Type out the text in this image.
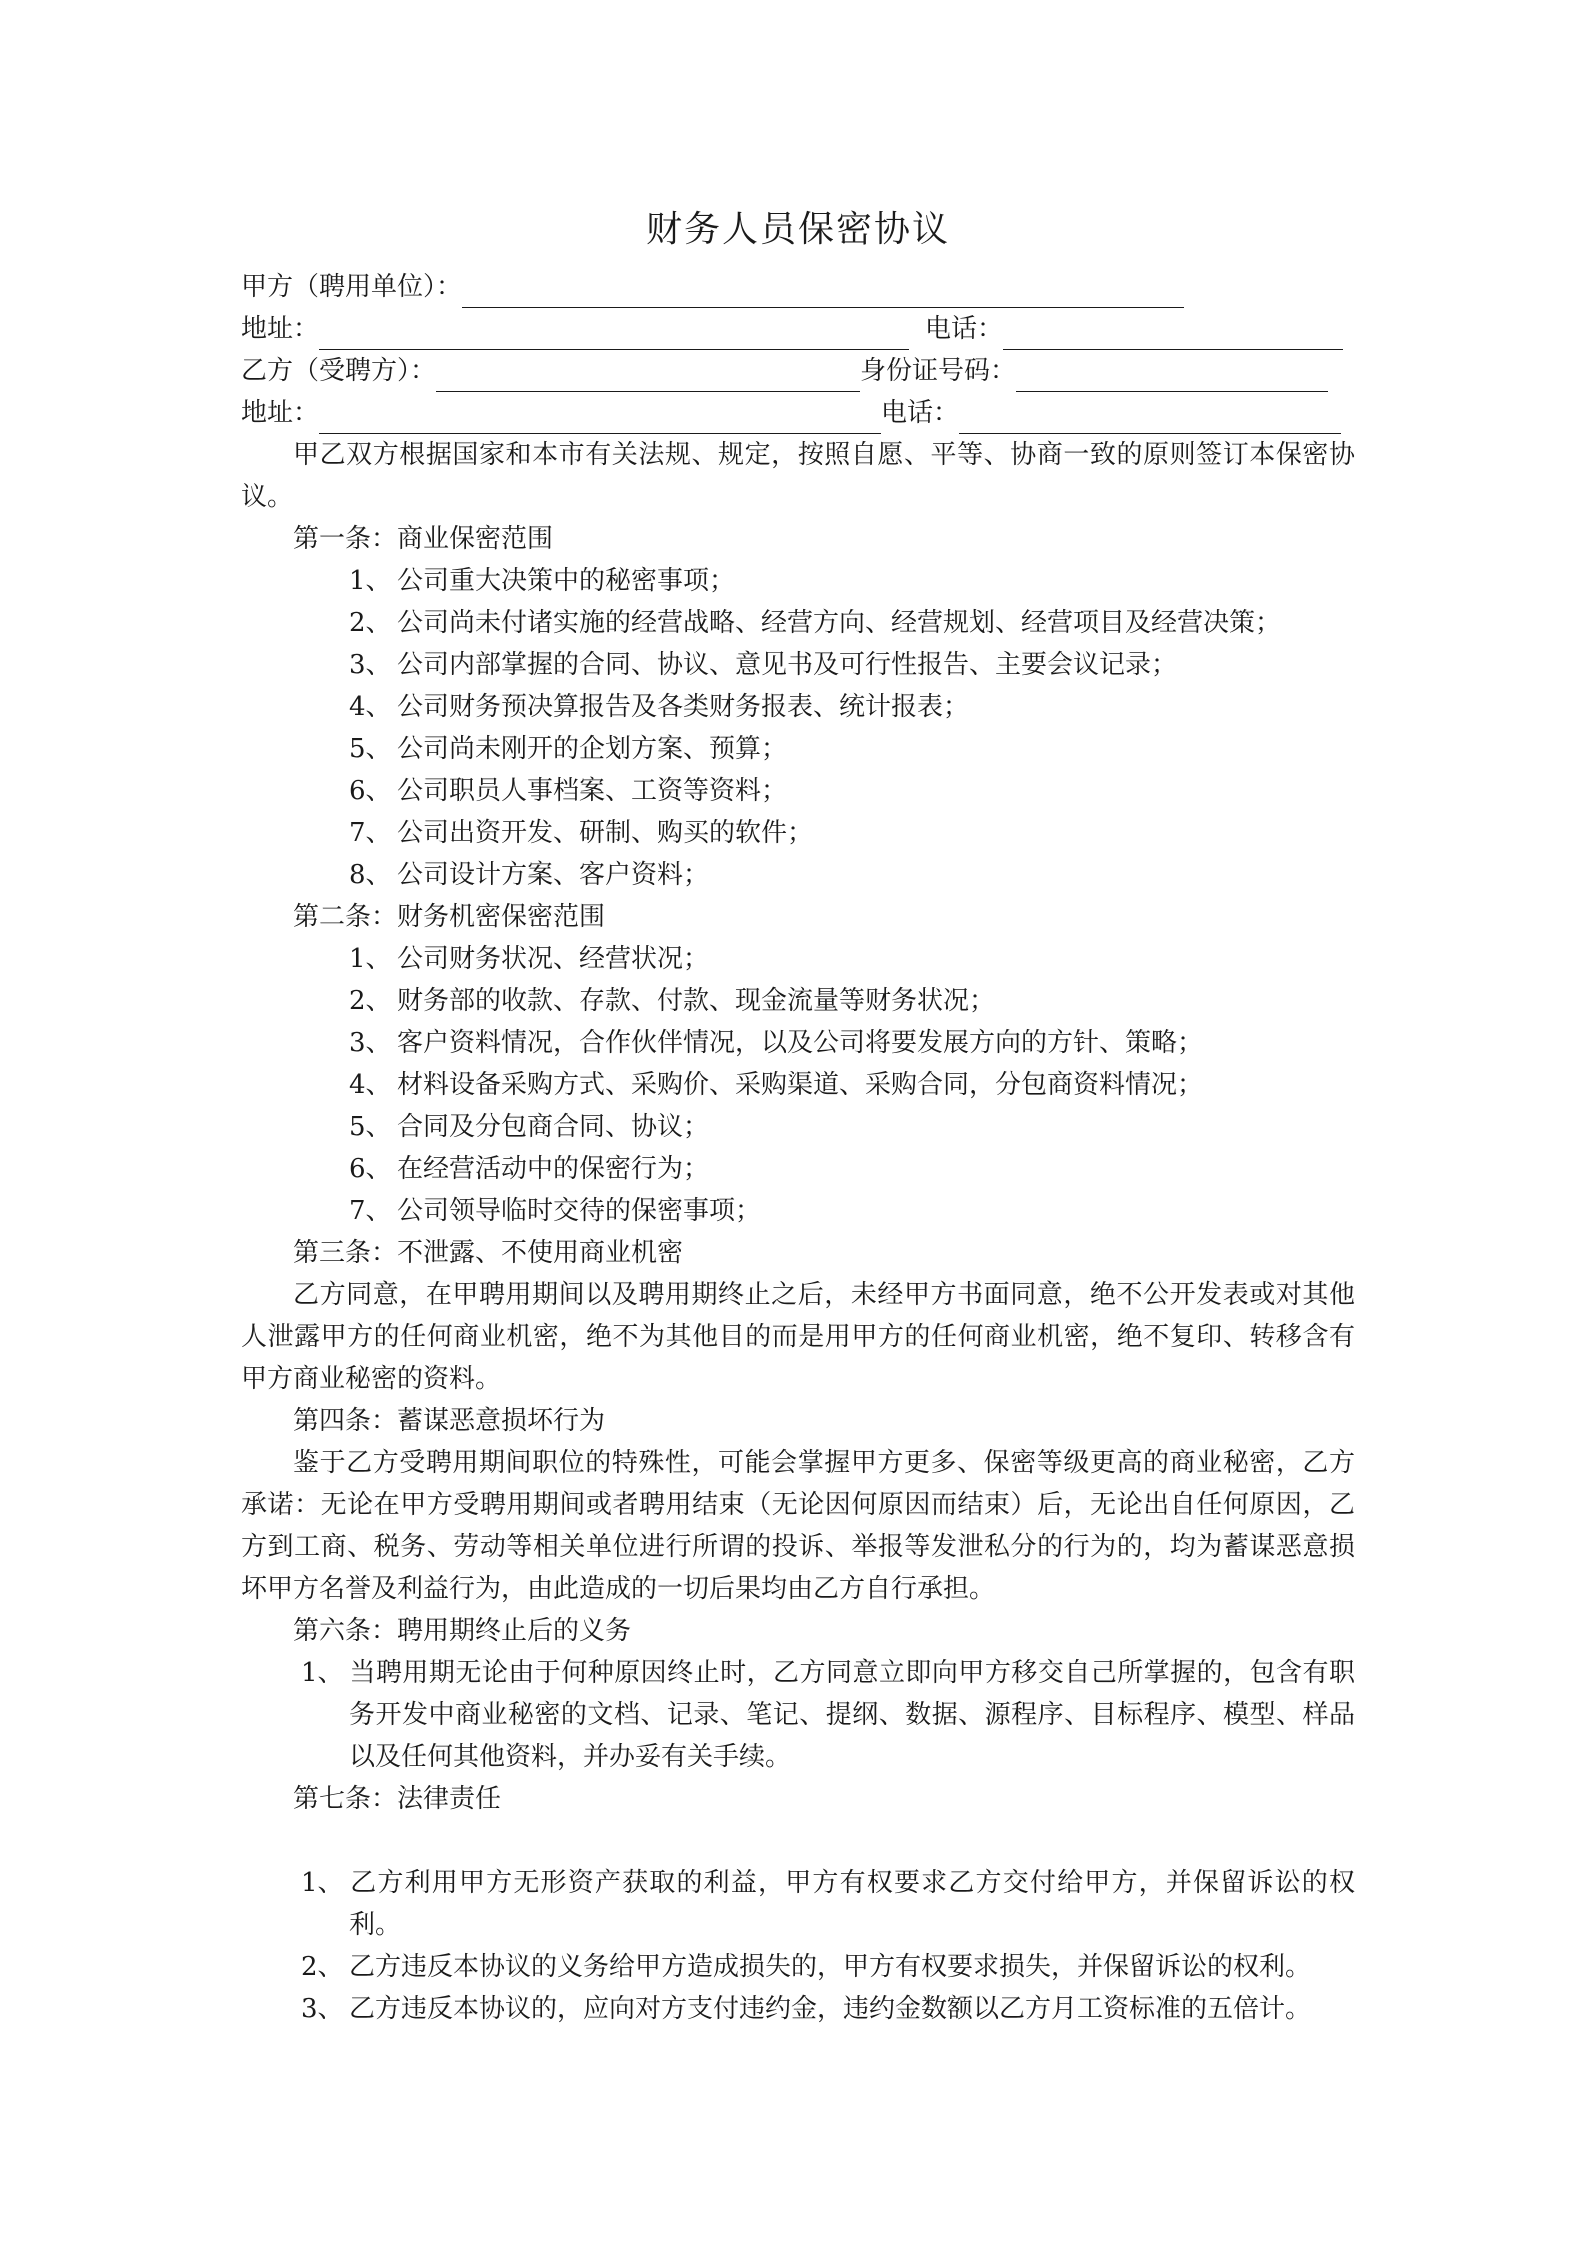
财务人员保密协议
甲方（聘用单位）：
地址：	电话：
乙方（受聘方）：	身份证号码：
地址：	电话：

甲乙双方根据国家和本市有关法规、规定，按照自愿、平等、协商一致的原则签订本保密协议。

第一条：商业保密范围

1、 公司重大决策中的秘密事项；
2、 公司尚未付诸实施的经营战略、经营方向、经营规划、经营项目及经营决策；
3、 公司内部掌握的合同、协议、意见书及可行性报告、主要会议记录；
4、 公司财务预决算报告及各类财务报表、统计报表；
5、 公司尚未刚开的企划方案、预算；
6、 公司职员人事档案、工资等资料；
7、 公司出资开发、研制、购买的软件；
8、 公司设计方案、客户资料；

第二条：财务机密保密范围

1、 公司财务状况、经营状况；
2、 财务部的收款、存款、付款、现金流量等财务状况；
3、 客户资料情况，合作伙伴情况，以及公司将要发展方向的方针、策略；
4、 材料设备采购方式、采购价、采购渠道、采购合同，分包商资料情况；
5、 合同及分包商合同、协议；
6、 在经营活动中的保密行为；
7、 公司领导临时交待的保密事项；

第三条：不泄露、不使用商业机密

乙方同意，在甲聘用期间以及聘用期终止之后，未经甲方书面同意，绝不公开发表或对其他人泄露甲方的任何商业机密，绝不为其他目的而是用甲方的任何商业机密，绝不复印、转移含有甲方商业秘密的资料。

第四条：蓄谋恶意损坏行为

鉴于乙方受聘用期间职位的特殊性，可能会掌握甲方更多、保密等级更高的商业秘密，乙方承诺：无论在甲方受聘用期间或者聘用结束（无论因何原因而结束）后，无论出自任何原因，乙方到工商、税务、劳动等相关单位进行所谓的投诉、举报等发泄私分的行为的，均为蓄谋恶意损坏甲方名誉及利益行为，由此造成的一切后果均由乙方自行承担。

第六条：聘用期终止后的义务

1、 当聘用期无论由于何种原因终止时，乙方同意立即向甲方移交自己所掌握的，包含有职务开发中商业秘密的文档、记录、笔记、提纲、数据、源程序、目标程序、模型、样品以及任何其他资料，并办妥有关手续。

第七条：法律责任

1、 乙方利用甲方无形资产获取的利益，甲方有权要求乙方交付给甲方，并保留诉讼的权利。
2、 乙方违反本协议的义务给甲方造成损失的，甲方有权要求损失，并保留诉讼的权利。
3、 乙方违反本协议的，应向对方支付违约金，违约金数额以乙方月工资标准的五倍计。
